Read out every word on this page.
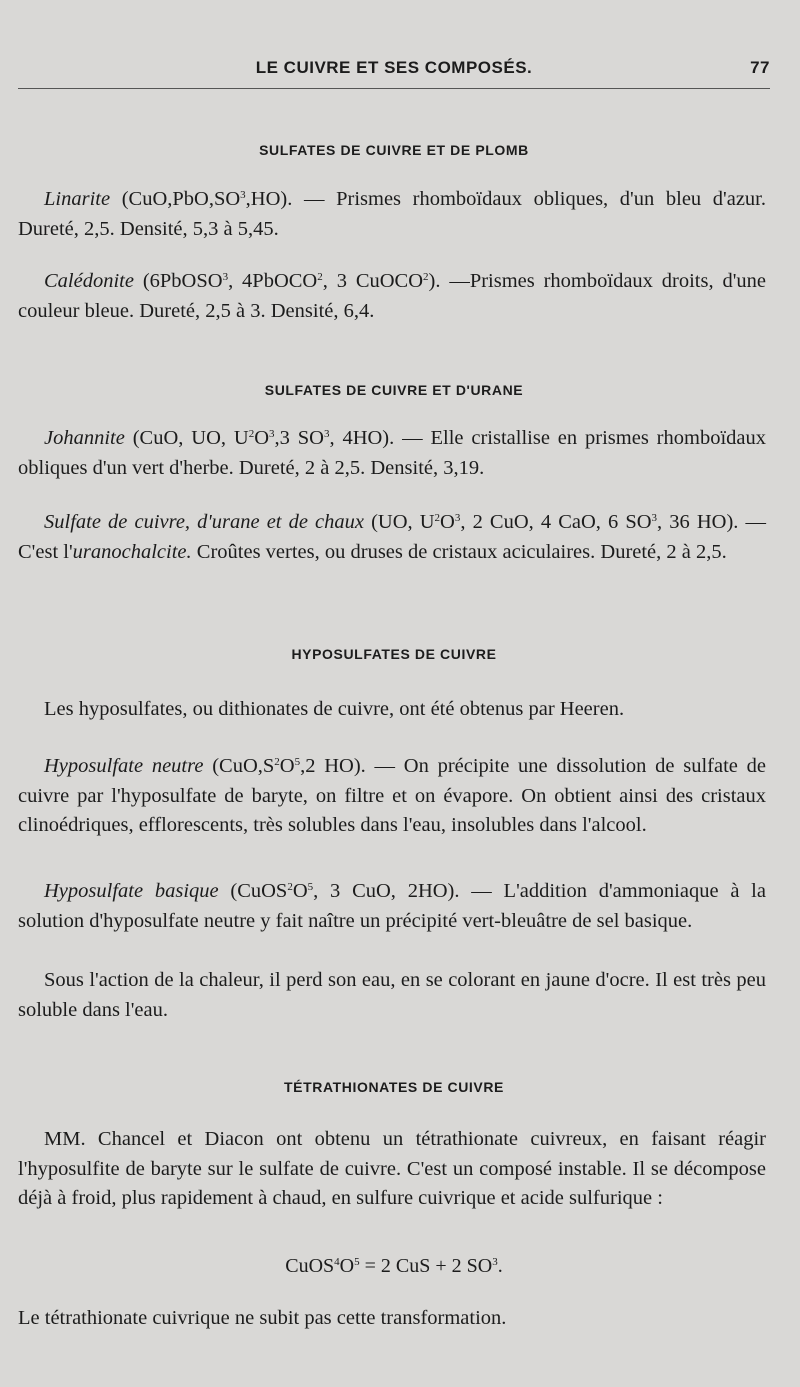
LE CUIVRE ET SES COMPOSÉS.	77
SULFATES DE CUIVRE ET DE PLOMB

Linarite $(CuO,PbO,SO^3,HO)$. — Prismes rhomboïdaux obliques, d'un bleu d'azur. Dureté, 2,5. Densité, 5,3 à 5,45.

Calédonite (6PbOSO$^3$, 4PbOCO$^2$, 3 CuOCO$^2$). —Prismes rhomboïdaux droits, d'une couleur bleue. Dureté, 2,5 à 3. Densité, 6,4.

SULFATES DE CUIVRE ET D'URANE

Johannite (CuO, UO, $U^2O^3,3$ $SO^3$, 4HO). — Elle cristallise en prismes rhomboïdaux obliques d'un vert d'herbe. Dureté, 2 à 2,5. Densité, 3,19.

Sulfate de cuivre, d'urane et de chaux (UO, $U^2O^3$, 2 CuO, 4 CaO, 6 $SO^3$, 36 HO). — C'est l'uranochalcite. Croûtes vertes, ou druses de cristaux aciculaires. Dureté, 2 à 2,5.

HYPOSULFATES DE CUIVRE

Les hyposulfates, ou dithionates de cuivre, ont été obtenus par Heeren.

Hyposulfate neutre ($CuO,S^2O^5,2$ HO). — On précipite une dissolution de sulfate de cuivre par l'hyposulfate de baryte, on filtre et on évapore. On obtient ainsi des cristaux clinoédriques, efflorescents, très solubles dans l'eau, insolubles dans l'alcool.

Hyposulfate basique ($CuOS^2O^5$, 3 CuO, 2HO). — L'addition d'ammoniaque à la solution d'hyposulfate neutre y fait naître un précipité vert-bleuâtre de sel basique.

Sous l'action de la chaleur, il perd son eau, en se colorant en jaune d'ocre. Il est très peu soluble dans l'eau.

TÉTRATHIONATES DE CUIVRE

MM. Chancel et Diacon ont obtenu un tétrathionate cuivreux, en faisant réagir l'hyposulfite de baryte sur le sulfate de cuivre. C'est un composé instable. Il se décompose déjà à froid, plus rapidement à chaud, en sulfure cuivrique et acide sulfurique :

$CuOS^4O^5 = 2$ CuS + 2 $SO^3$.

Le tétrathionate cuivrique ne subit pas cette transformation.
